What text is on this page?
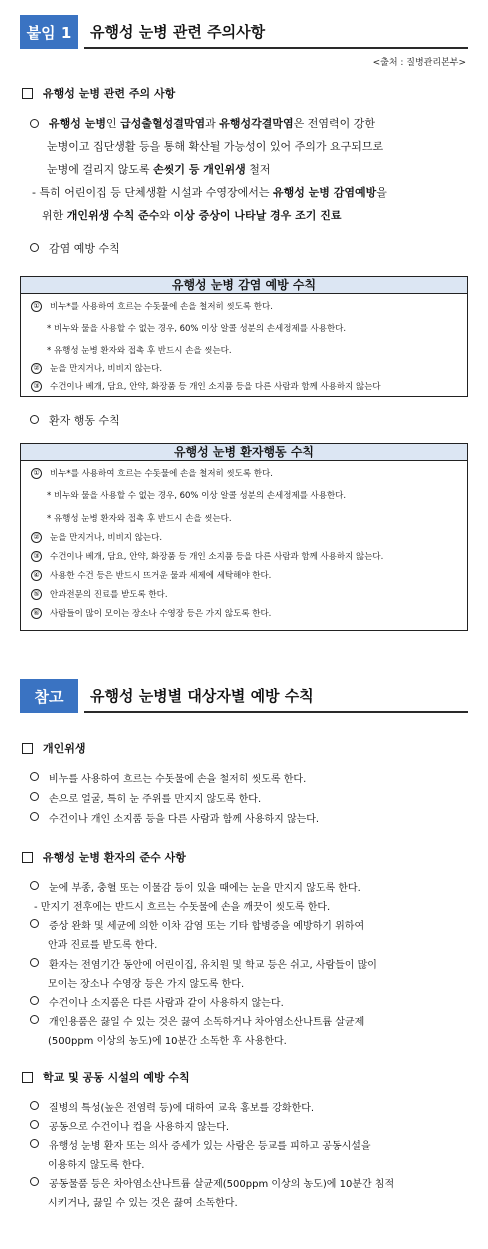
붙임 1	유행성 눈병 관련 주의사항
<출처 : 질병관리본부>
유행성 눈병 관련 주의 사항
유행성 눈병인 급성출혈성결막염과 유행성각결막염은 전염력이 강한
눈병이고 집단생활 등을 통해 확산될 가능성이 있어 주의가 요구되므로
눈병에 걸리지 않도록 손씻기 등 개인위생 철저
- 특히 어린이집 등 단체생활 시설과 수영장에서는 유행성 눈병 감염예방을
위한 개인위생 수칙 준수와 이상 증상이 나타날 경우 조기 진료
감염 예방 수칙
유행성 눈병 감염 예방 수칙
① 비누*를 사용하여 흐르는 수돗물에 손을 철저히 씻도록 한다.
* 비누와 물을 사용할 수 없는 경우, 60% 이상 알콜 성분의 손세정제를 사용한다.
* 유행성 눈병 환자와 접촉 후 반드시 손을 씻는다.
② 눈을 만지거나, 비비지 않는다.
③ 수건이나 베개, 담요, 안약, 화장품 등 개인 소지품 등을 다른 사람과 함께 사용하지 않는다
환자 행동 수칙
유행성 눈병 환자행동 수칙
① 비누*를 사용하여 흐르는 수돗물에 손을 철저히 씻도록 한다.
* 비누와 물을 사용할 수 없는 경우, 60% 이상 알콜 성분의 손세정제를 사용한다.
* 유행성 눈병 환자와 접촉 후 반드시 손을 씻는다.
② 눈을 만지거나, 비비지 않는다.
③ 수건이나 베개, 담요, 안약, 화장품 등 개인 소지품 등을 다른 사람과 함께 사용하지 않는다.
④ 사용한 수건 등은 반드시 뜨거운 물과 세제에 세탁해야 한다.
⑤ 안과전문의 진료를 받도록 한다.
⑥ 사람들이 많이 모이는 장소나 수영장 등은 가지 않도록 한다.
참고	유행성 눈병별 대상자별 예방 수칙
개인위생
비누를 사용하여 흐르는 수돗물에 손을 철저히 씻도록 한다.
손으로 얼굴, 특히 눈 주위를 만지지 않도록 한다.
수건이나 개인 소지품 등을 다른 사람과 함께 사용하지 않는다.
유행성 눈병 환자의 준수 사항
눈에 부종, 충혈 또는 이물감 등이 있을 때에는 눈을 만지지 않도록 한다.
- 만지기 전후에는 반드시 흐르는 수돗물에 손을 깨끗이 씻도록 한다.
증상 완화 및 세균에 의한 이차 감염 또는 기타 합병증을 예방하기 위하여
안과 진료를 받도록 한다.
환자는 전염기간 동안에 어린이집, 유치원 및 학교 등은 쉬고, 사람들이 많이
모이는 장소나 수영장 등은 가지 않도록 한다.
수건이나 소지품은 다른 사람과 같이 사용하지 않는다.
개인용품은 끓일 수 있는 것은 끓여 소독하거나 차아염소산나트륨 살균제
(500ppm 이상의 농도)에 10분간 소독한 후 사용한다.
학교 및 공동 시설의 예방 수칙
질병의 특성(높은 전염력 등)에 대하여 교육 홍보를 강화한다.
공동으로 수건이나 컵을 사용하지 않는다.
유행성 눈병 환자 또는 의사 증세가 있는 사람은 등교를 피하고 공동시설을
이용하지 않도록 한다.
공동물품 등은 차아염소산나트륨 살균제(500ppm 이상의 농도)에 10분간 침적
시키거나, 끓일 수 있는 것은 끓여 소독한다.
